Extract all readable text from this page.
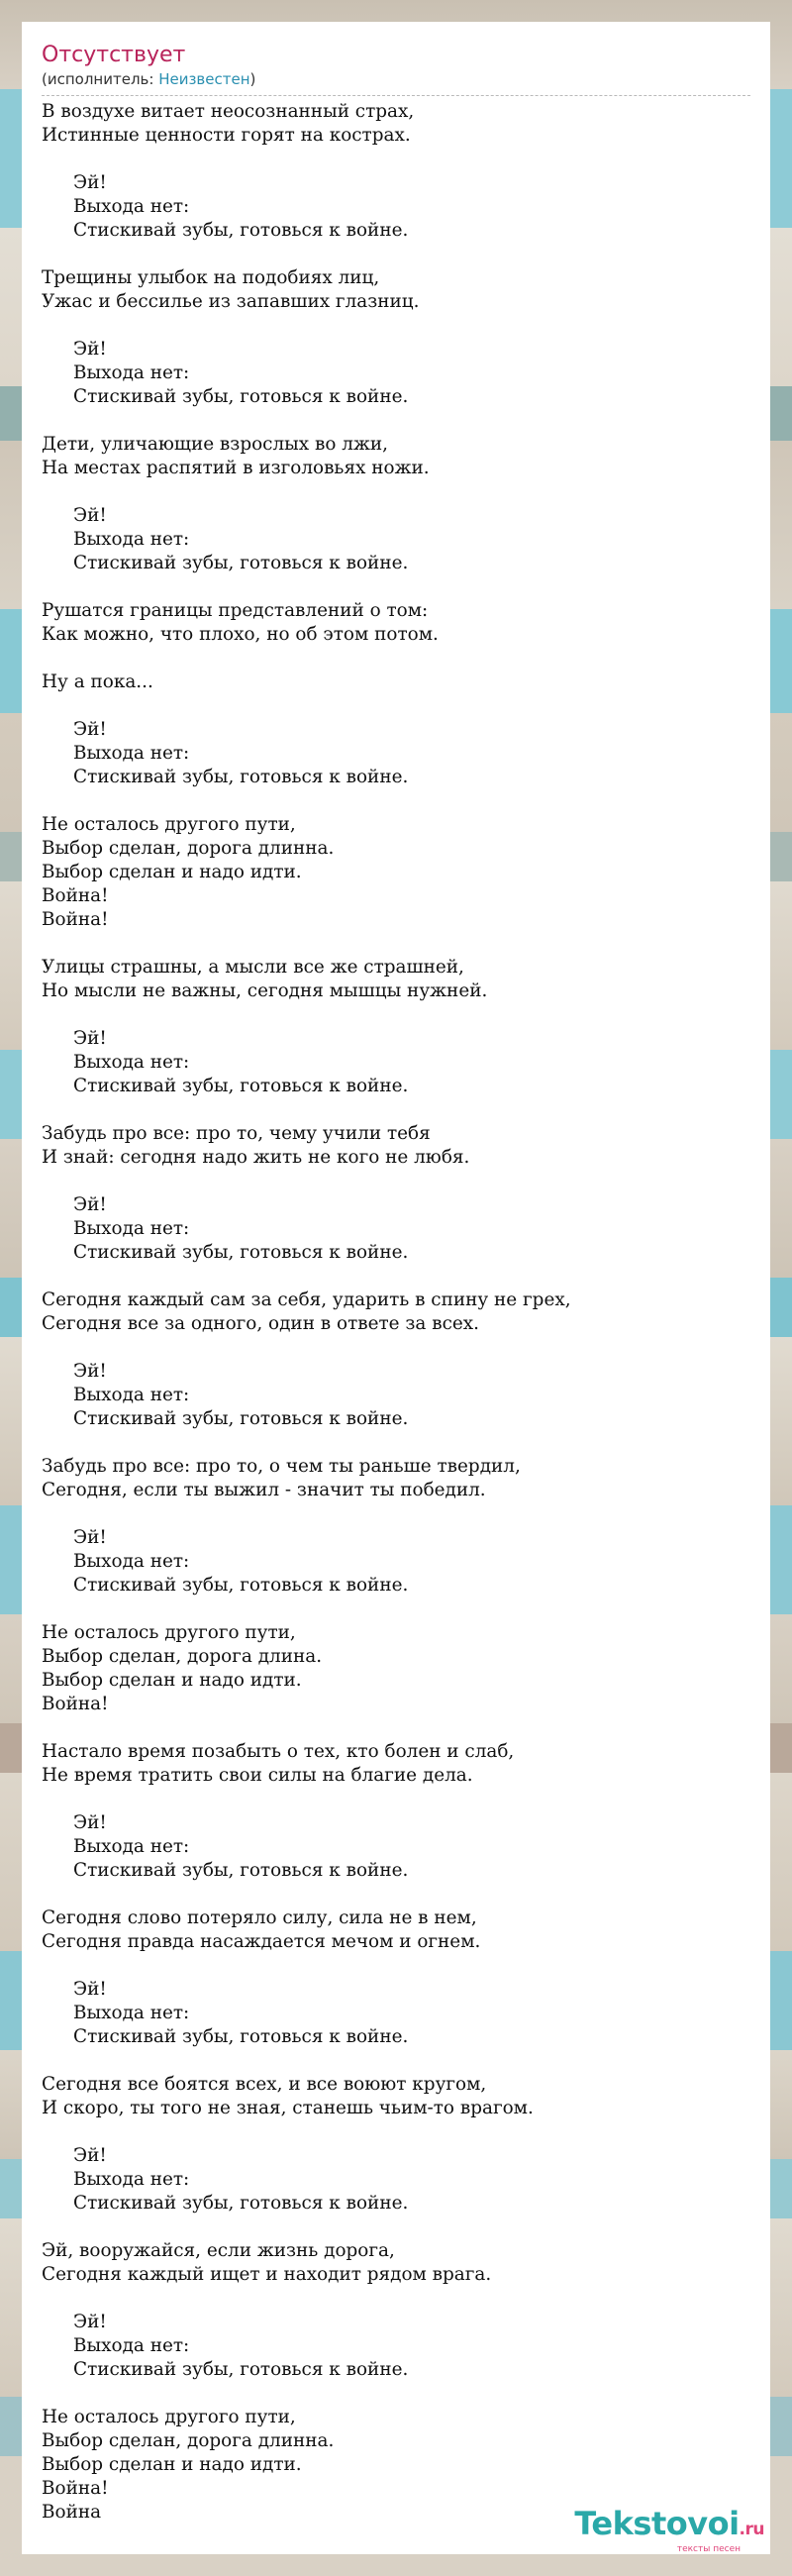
Отсутствует
(исполнитель: Неизвестен)
В воздухе витает неосознанный страх,
Истинные ценности горят на кострах.
Эй!
Выхода нет:
Стискивай зубы, готовься к войне.
Трещины улыбок на подобиях лиц,
Ужас и бессилье из запавших глазниц.
Эй!
Выхода нет:
Стискивай зубы, готовься к войне.
Дети, уличающие взрослых во лжи,
На местах распятий в изголовьях ножи.
Эй!
Выхода нет:
Стискивай зубы, готовься к войне.
Рушатся границы представлений о том:
Как можно, что плохо, но об этом потом.
Ну а пока...
Эй!
Выхода нет:
Стискивай зубы, готовься к войне.
Не осталось другого пути,
Выбор сделан, дорога длинна.
Выбор сделан и надо идти.
Война!
Война!
Улицы страшны, а мысли все же страшней,
Но мысли не важны, сегодня мышцы нужней.
Эй!
Выхода нет:
Стискивай зубы, готовься к войне.
Забудь про все: про то, чему учили тебя
И знай: сегодня надо жить не кого не любя.
Эй!
Выхода нет:
Стискивай зубы, готовься к войне.
Сегодня каждый сам за себя, ударить в спину не грех,
Сегодня все за одного, один в ответе за всех.
Эй!
Выхода нет:
Стискивай зубы, готовься к войне.
Забудь про все: про то, о чем ты раньше твердил,
Сегодня, если ты выжил - значит ты победил.
Эй!
Выхода нет:
Стискивай зубы, готовься к войне.
Не осталось другого пути,
Выбор сделан, дорога длина.
Выбор сделан и надо идти.
Война!
Настало время позабыть о тех, кто болен и слаб,
Не время тратить свои силы на благие дела.
Эй!
Выхода нет:
Стискивай зубы, готовься к войне.
Сегодня слово потеряло силу, сила не в нем,
Сегодня правда насаждается мечом и огнем.
Эй!
Выхода нет:
Стискивай зубы, готовься к войне.
Сегодня все боятся всех, и все воюют кругом,
И скоро, ты того не зная, станешь чьим-то врагом.
Эй!
Выхода нет:
Стискивай зубы, готовься к войне.
Эй, вооружайся, если жизнь дорога,
Сегодня каждый ищет и находит рядом врага.
Эй!
Выхода нет:
Стискивай зубы, готовься к войне.
Не осталось другого пути,
Выбор сделан, дорога длинна.
Выбор сделан и надо идти.
Война!
Война	Tekstovoi.ru
тексты песен
